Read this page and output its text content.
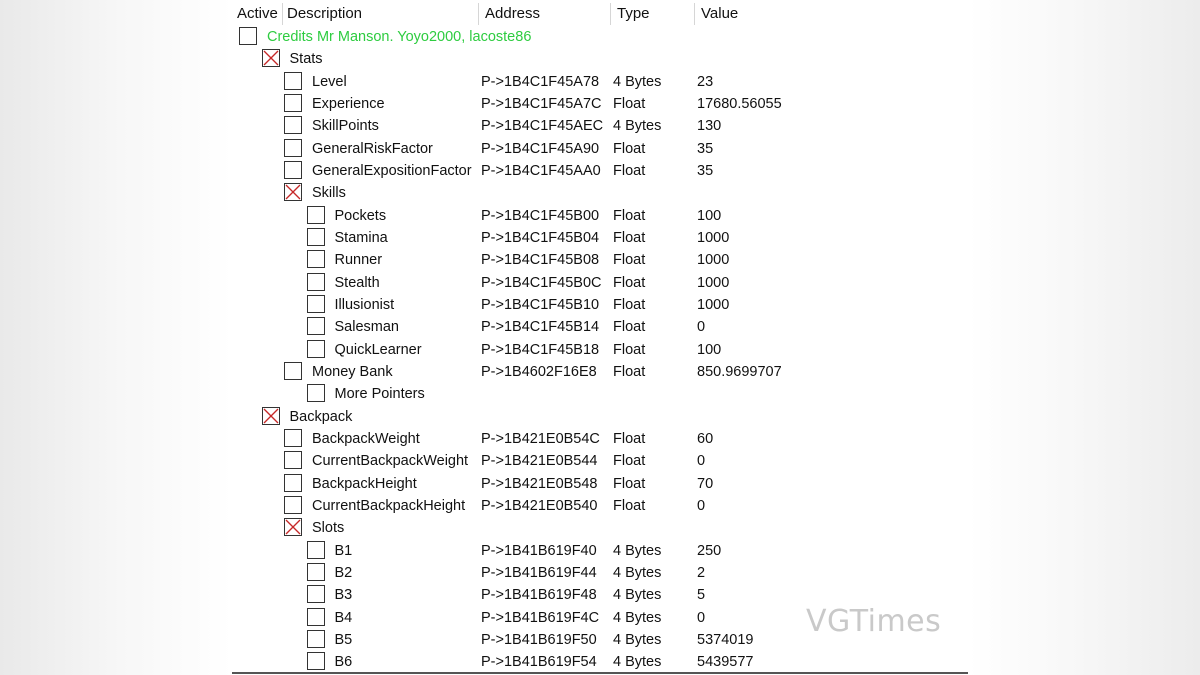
Active Description	Address	Type	Value
Credits Mr Manson. Yoyo2000, lacoste86
Stats
Level	P->1B4C1F45A78 4 Bytes 23
Experience	P->1B4C1F45A7C Float	17680.56055
SkillPoints	P->1B4C1F45AEC 4 Bytes 130
GeneralRiskFactor	P->1B4C1F45A90 Float	35
GeneralExpositionFactor P->1B4C1F45AA0 Float	35
Skills
Pockets	P->1B4C1F45B00 Float	100
Stamina	P->1B4C1F45B04 Float	1000
Runner	P->1B4C1F45B08 Float	1000
Stealth	P->1B4C1F45B0C Float	1000
Illusionist	P->1B4C1F45B10 Float	1000
Salesman	P->1B4C1F45B14 Float	0
QuickLearner	P->1B4C1F45B18 Float	100
Money Bank	P->1B4602F16E8 Float	850.9699707
More Pointers
Backpack
BackpackWeight	P->1B421E0B54C Float	60
CurrentBackpackWeight P->1B421E0B544 Float	0
BackpackHeight	P->1B421E0B548 Float	70
CurrentBackpackHeight P->1B421E0B540 Float	0
Slots
B1	P->1B41B619F40 4 Bytes 250
B2	P->1B41B619F44 4 Bytes 2
B3	P->1B41B619F48 4 Bytes 5
B4	P->1B41B619F4C 4 Bytes 0
B5	P->1B41B619F50 4 Bytes 5374019
B6	P->1B41B619F54 4 Bytes 5439577
VGTimes
